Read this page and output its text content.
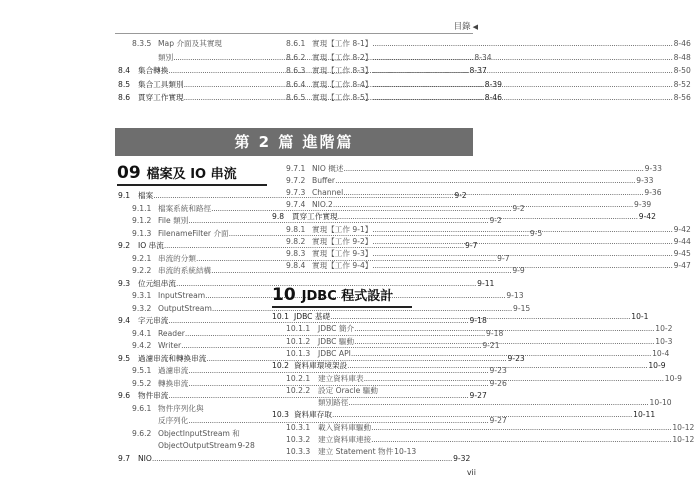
目錄 ◀
8.3.5 Map 介面及其實現
類別 .....	8-34
8.4	集合轉換 .....	8-37
8.5	集合工具類別 .....	8-39
8.6	貫穿工作實現 .....	8-46
8.6.1 實現【工作 8-1】 .....	8-46
8.6.2 實現【工作 8-2】 .....	8-48
8.6.3 實現【工作 8-3】 .....	8-50
8.6.4 實現【工作 8-4】 .....	8-52
8.6.5 實現【工作 8-5】 .....	8-56
第 2 篇 進階篇
09 檔案及 IO 串流
9.1	檔案 .....	9-2
9.1.1 檔案系統和路徑 .....	9-2
9.1.2 File 類別 .....	9-2
9.1.3 FilenameFilter 介面 .....	9-5
9.2	IO 串流 .....	9-7
9.2.1 串流的分類 .....	9-7
9.2.2 串流的系統結構 .....	9-9
9.3	位元組串流 .....	9-11
9.3.1 InputStream .....	9-13
9.3.2 OutputStream .....	9-15
9.4	字元串流 .....	9-18
9.4.1 Reader .....	9-18
9.4.2 Writer .....	9-21
9.5	過濾串流和轉換串流 .....	9-23
9.5.1 過濾串流 .....	9-23
9.5.2 轉換串流 .....	9-26
9.6	物件串流 .....	9-27
9.6.1 物件序列化與
反序列化 .....	9-27
9.6.2 ObjectInputStream 和
ObjectOutputStream 9-28
9.7	NIO .....	9-32
9.7.1 NIO 概述 .....	9-33
9.7.2 Buffer .....	9-33
9.7.3 Channel .....	9-36
9.7.4 NIO.2 .....	9-39
9.8	貫穿工作實現 .....	9-42
9.8.1 實現【工作 9-1】 .....	9-42
9.8.2 實現【工作 9-2】 .....	9-44
9.8.3 實現【工作 9-3】 .....	9-45
9.8.4 實現【工作 9-4】 .....	9-47
10 JDBC 程式設計
10.1 JDBC 基礎 .....	10-1
10.1.1	JDBC 簡介 .....	10-2
10.1.2	JDBC 驅動 .....	10-3
10.1.3	JDBC API .....	10-4
10.2 資料庫環境架設 .....	10-9
10.2.1	建立資料庫表 .....	10-9
10.2.2	設定 Oracle 驅動
類別路徑 .....	10-10
10.3 資料庫存取 .....	10-11
10.3.1	載入資料庫驅動 .....	10-12
10.3.2	建立資料庫連接 .....	10-12
10.3.3	建立 Statement 物件 10-13
vii
